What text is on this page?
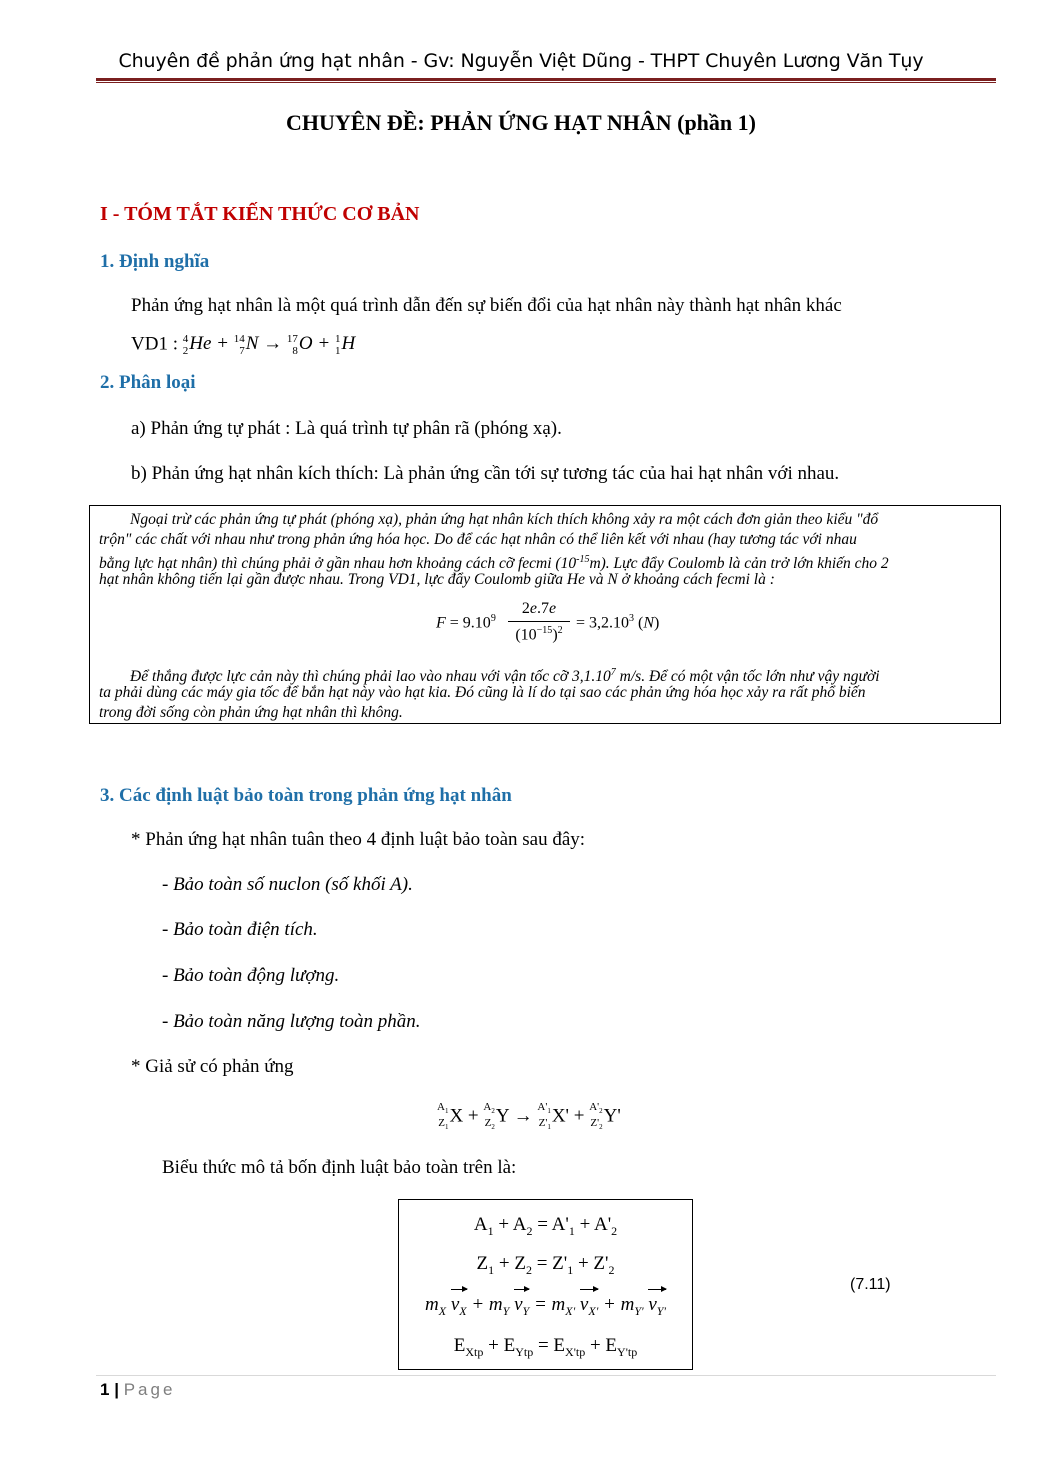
Chuyên đề phản ứng hạt nhân - Gv: Nguyễn Việt Dũng - THPT Chuyên Lương Văn Tụy
CHUYÊN ĐỀ: PHẢN ỨNG HẠT NHÂN (phần 1)
I - TÓM TẮT KIẾN THỨC CƠ BẢN
1. Định nghĩa
Phản ứng hạt nhân là một quá trình dẫn đến sự biến đổi của hạt nhân này thành hạt nhân khác
VD1 : 4
2 He + 14
7 N → 17
8 O + 1
1 H
2. Phân loại
a) Phản ứng tự phát : Là quá trình tự phân rã (phóng xạ).
b) Phản ứng hạt nhân kích thích: Là phản ứng cần tới sự tương tác của hai hạt nhân với nhau.
Ngoại trừ các phản ứng tự phát (phóng xạ), phản ứng hạt nhân kích thích không xảy ra một cách đơn giản theo kiểu "đổ
trộn" các chất với nhau như trong phản ứng hóa học. Do để các hạt nhân có thể liên kết với nhau (hay tương tác với nhau
bằng lực hạt nhân) thì chúng phải ở gần nhau hơn khoảng cách cỡ fecmi $(10^{-15}m)$. Lực đẩy Coulomb là cản trở lớn khiến cho 2
hạt nhân không tiến lại gần được nhau. Trong VD1, lực đẩy Coulomb giữa He và N ở khoảng cách fecmi là :
$F = 9.10^9$
2e.7e
$(10^{-15})^2 = 3,2.10^3$ (N)
Để thắng được lực cản này thì chúng phải lao vào nhau với vận tốc cỡ 3,1.10$^7$ m/s. Để có một vận tốc lớn như vậy người
ta phải dùng các máy gia tốc để bắn hạt này vào hạt kia. Đó cũng là lí do tại sao các phản ứng hóa học xảy ra rất phổ biến
trong đời sống còn phản ứng hạt nhân thì không.
3. Các định luật bảo toàn trong phản ứng hạt nhân
* Phản ứng hạt nhân tuân theo 4 định luật bảo toàn sau đây:
- Bảo toàn số nuclon (số khối A).
- Bảo toàn điện tích.
- Bảo toàn động lượng.
- Bảo toàn năng lượng toàn phần.
* Giả sử có phản ứng
$A_1$
$Z_1$
$X + A_2$
$Z_2$
$Y \to A'_1$
$Z'_1$
$X' + A'_2$
$Z'_2$
Y'
Biểu thức mô tả bốn định luật bảo toàn trên là:
$A_1 + A_2 = A'_1 + A'_2$
$Z_1 + Z_2 = Z'_1 + Z'_2$
$m_X$ $v_X + m_Y$ $v_Y = m_{X'}$ $v_{X'} + m_{Y'}$ $v_{Y'}$
$E_{Xtp} + E_{Ytp} = E_{X'tp} + E_{Y'tp}$
(7.11)
1 | Page
